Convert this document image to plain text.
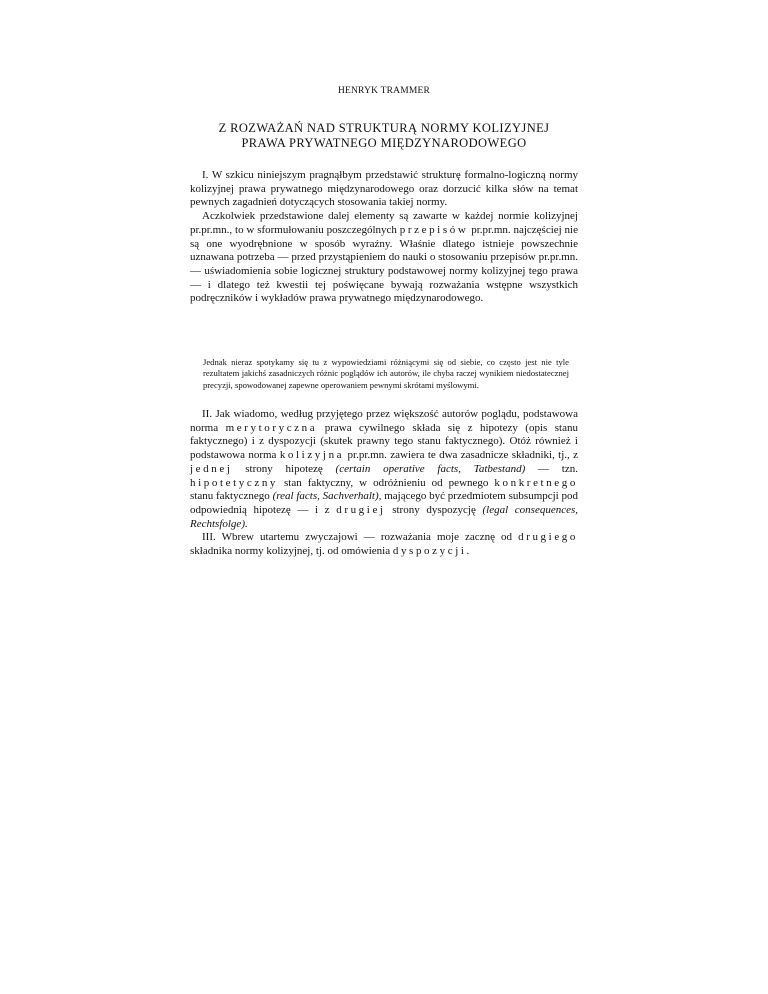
HENRYK TRAMMER
Z ROZWAŻAŃ NAD STRUKTURĄ NORMY KOLIZYJNEJ
PRAWA PRYWATNEGO MIĘDZYNARODOWEGO

I. W szkicu niniejszym pragnąłbym przedstawić strukturę formalno-logiczną normy kolizyjnej prawa prywatnego międzynarodowego oraz dorzucić kilka słów na temat pewnych zagadnień dotyczących stosowania takiej normy.

Aczkolwiek przedstawione dalej elementy są zawarte w każdej normie kolizyjnej pr.pr.mn., to w sformułowaniu poszczególnych przepisów pr.pr.mn. najczęściej nie są one wyodrębnione w sposób wyraźny. Właśnie dlatego istnieje powszechnie uznawana potrzeba — przed przystąpieniem do nauki o stosowaniu przepisów pr.pr.mn. — uświadomienia sobie logicznej struktury podstawowej normy kolizyjnej tego prawa — i dlatego też kwestii tej poświęcane bywają rozważania wstępne wszystkich podręczników i wykładów prawa prywatnego międzynarodowego.

Jednak nieraz spotykamy się tu z wypowiedziami różniącymi się od siebie, co często jest nie tyle rezultatem jakichś zasadniczych różnic poglądów ich autorów, ile chyba raczej wynikiem niedostatecznej precyzji, spowodowanej zapewne operowaniem pewnymi skrótami myślowymi.

II. Jak wiadomo, według przyjętego przez większość autorów poglądu, podstawowa norma merytoryczna prawa cywilnego składa się z hipotezy (opis stanu faktycznego) i z dyspozycji (skutek prawny tego stanu faktycznego). Otóż również i podstawowa norma kolizyjna pr.pr.mn. zawiera te dwa zasadnicze składniki, tj., z jednej strony hipotezę (certain operative facts, Tatbestand) — tzn. hipotetyczny stan faktyczny, w odróżnieniu od pewnego konkretnego stanu faktycznego (real facts, Sachverhalt), mającego być przedmiotem subsumpcji pod odpowiednią hipotezę — i z drugiej strony dyspozycję (legal consequences, Rechtsfolge).

III. Wbrew utartemu zwyczajowi — rozważania moje zacznę od drugiego składnika normy kolizyjnej, tj. od omówienia dyspozycji.
